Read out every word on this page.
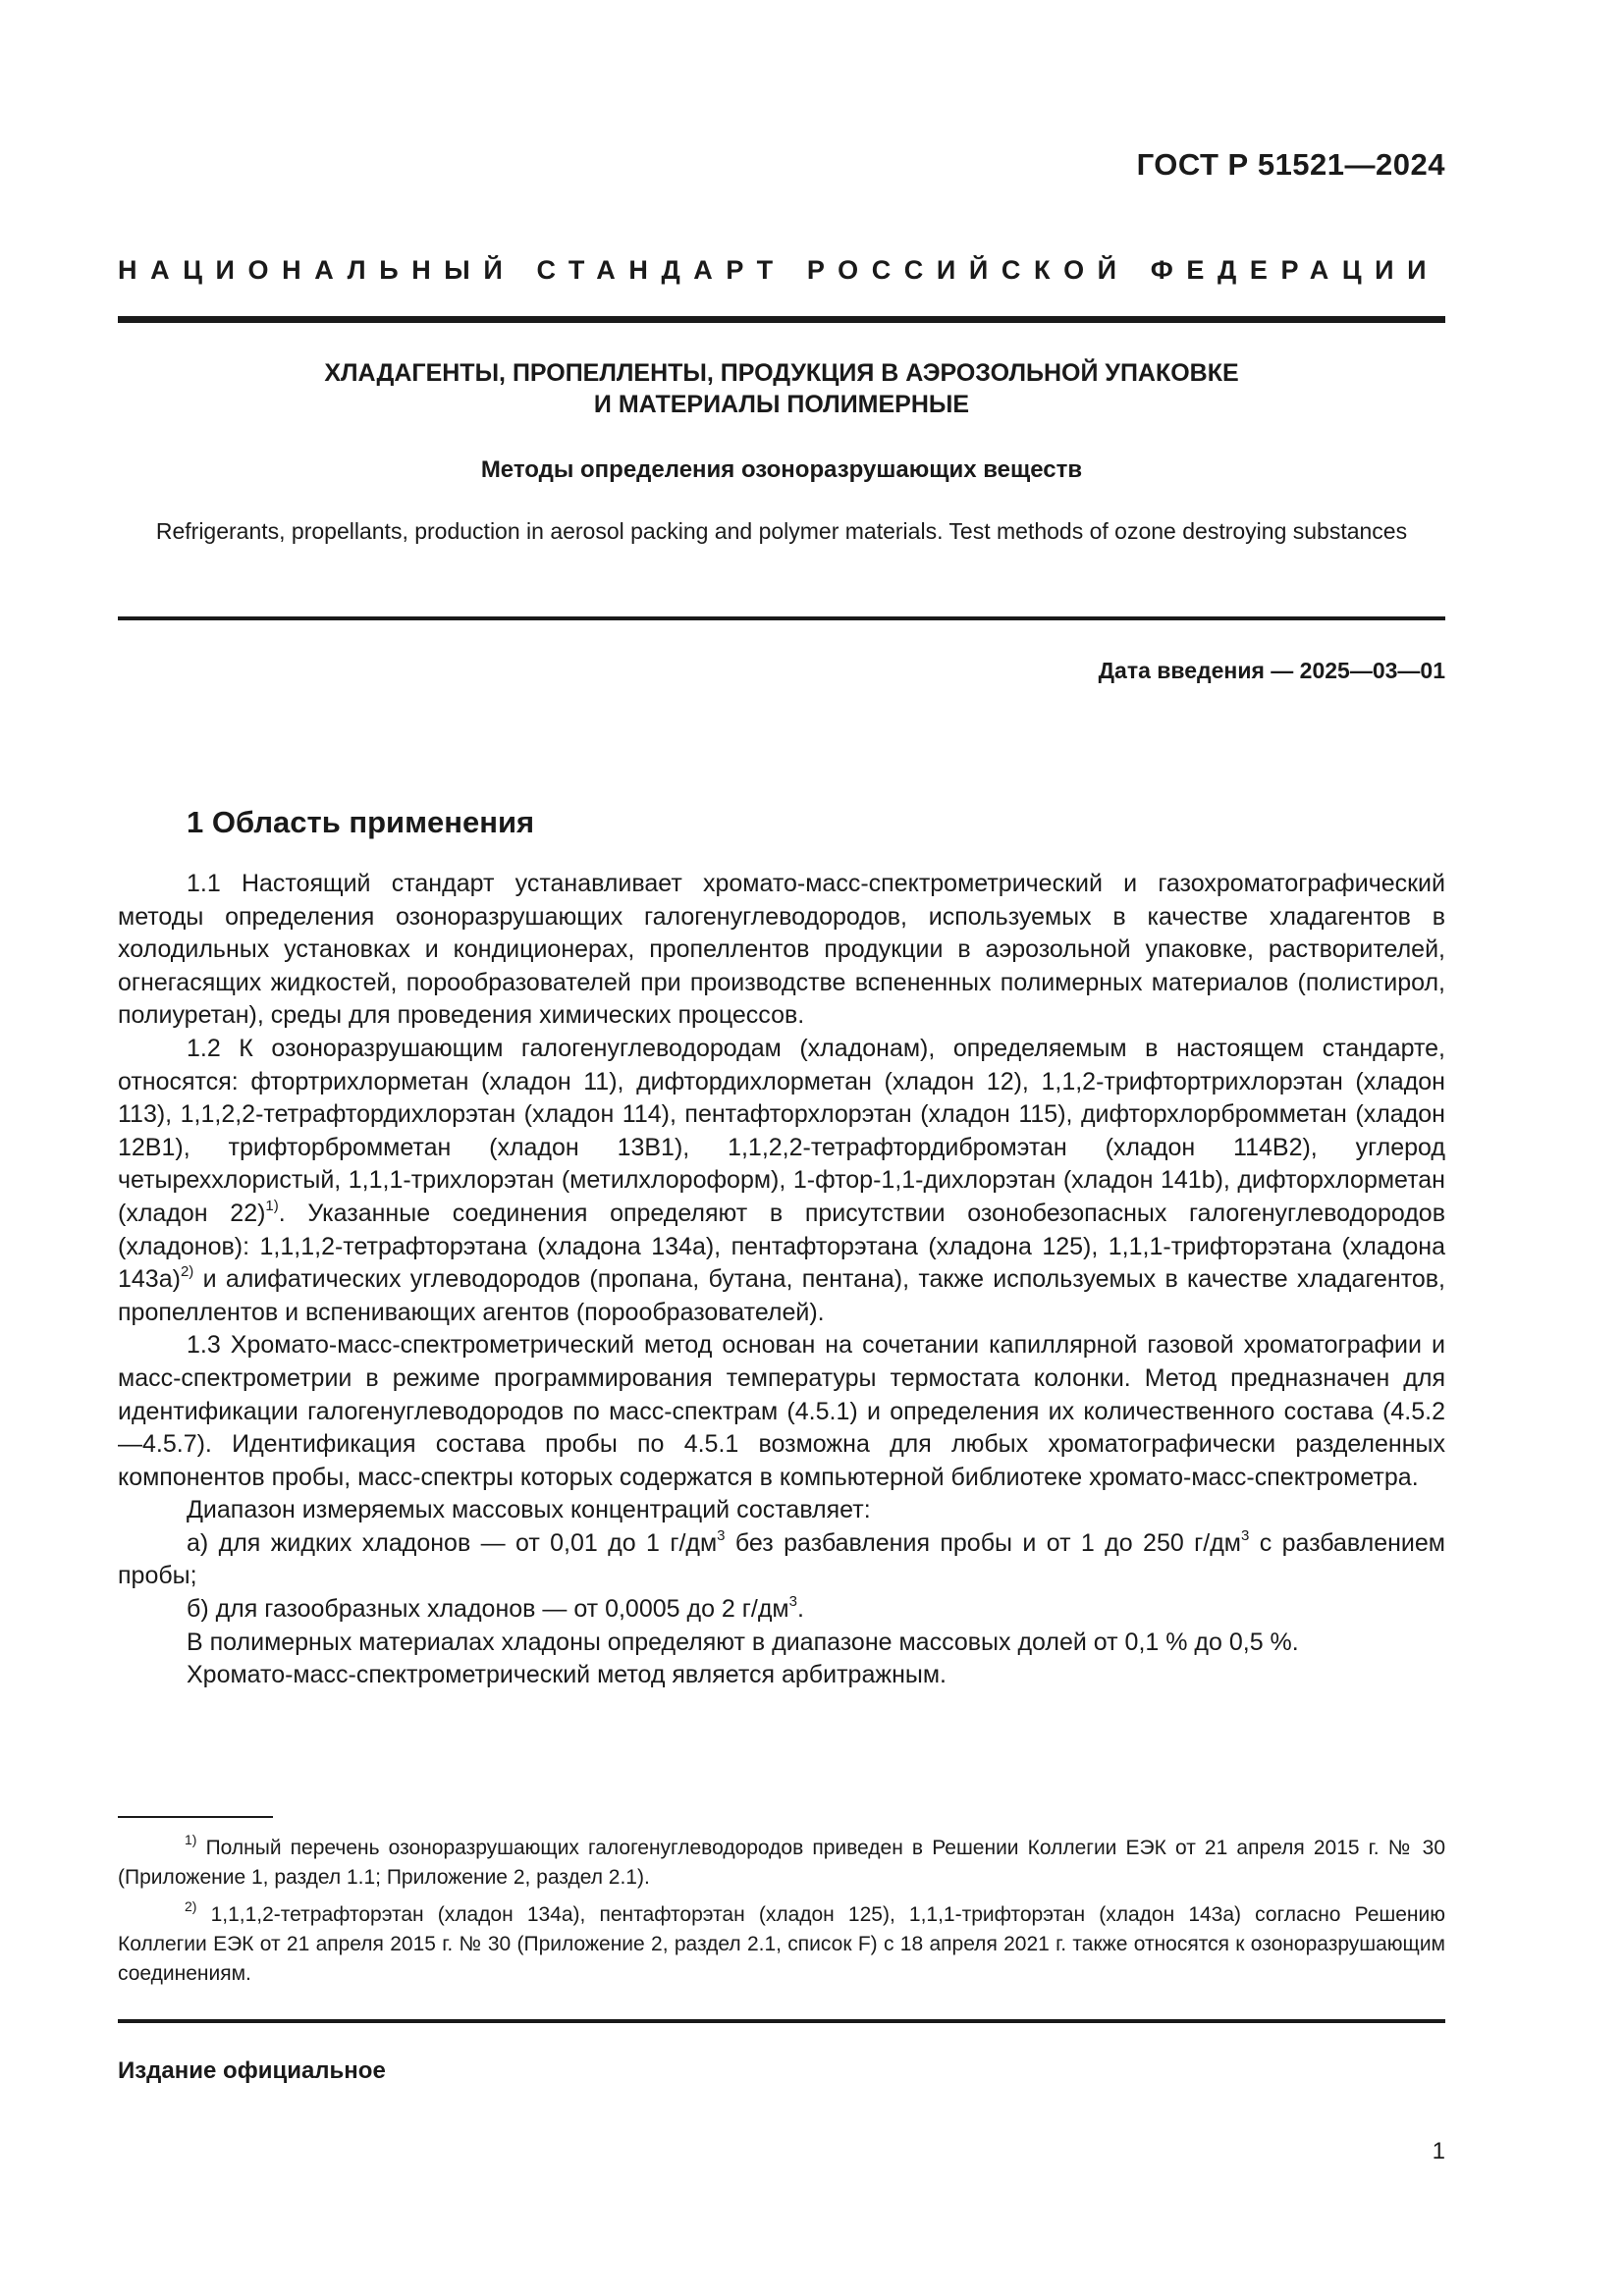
ГОСТ Р 51521—2024
НАЦИОНАЛЬНЫЙ СТАНДАРТ РОССИЙСКОЙ ФЕДЕРАЦИИ
ХЛАДАГЕНТЫ, ПРОПЕЛЛЕНТЫ, ПРОДУКЦИЯ В АЭРОЗОЛЬНОЙ УПАКОВКЕ
И МАТЕРИАЛЫ ПОЛИМЕРНЫЕ
Методы определения озоноразрушающих веществ
Refrigerants, propellants, production in aerosol packing and polymer materials. Test methods of ozone destroying substances
Дата введения — 2025—03—01
1 Область применения

1.1 Настоящий стандарт устанавливает хромато-масс-спектрометрический и газохроматографический методы определения озоноразрушающих галогенуглеводородов, используемых в качестве хладагентов в холодильных установках и кондиционерах, пропеллентов продукции в аэрозольной упаковке, растворителей, огнегасящих жидкостей, порообразователей при производстве вспененных полимерных материалов (полистирол, полиуретан), среды для проведения химических процессов.

1.2 К озоноразрушающим галогенуглеводородам (хладонам), определяемым в настоящем стандарте, относятся: фтортрихлорметан (хладон 11), дифтордихлорметан (хладон 12), 1,1,2-трифтортрихлорэтан (хладон 113), 1,1,2,2-тетрафтордихлорэтан (хладон 114), пентафторхлорэтан (хладон 115), дифторхлорбромметан (хладон 12B1), трифторбромметан (хладон 13B1), 1,1,2,2-тетрафтордибромэтан (хладон 114B2), углерод четыреххлористый, 1,1,1-трихлорэтан (метилхлороформ), 1-фтор-1,1-дихлорэтан (хладон 141b), дифторхлорметан (хладон 22)$^{1)}$. Указанные соединения определяют в присутствии озонобезопасных галогенуглеводородов (хладонов): 1,1,1,2-тетрафторэтана (хладона 134a), пентафторэтана (хладона 125), 1,1,1-трифторэтана (хладона 143a)$^{2)}$ и алифатических углеводородов (пропана, бутана, пентана), также используемых в качестве хладагентов, пропеллентов и вспенивающих агентов (порообразователей).

1.3 Хромато-масс-спектрометрический метод основан на сочетании капиллярной газовой хроматографии и масс-спектрометрии в режиме программирования температуры термостата колонки. Метод предназначен для идентификации галогенуглеводородов по масс-спектрам (4.5.1) и определения их количественного состава (4.5.2—4.5.7). Идентификация состава пробы по 4.5.1 возможна для любых хроматографически разделенных компонентов пробы, масс-спектры которых содержатся в компьютерной библиотеке хромато-масс-спектрометра.

Диапазон измеряемых массовых концентраций составляет:

а) для жидких хладонов — от 0,01 до 1 $г/дм^3$ без разбавления пробы и от 1 до 250 $г/дм^3$ с разбавлением пробы;

б) для газообразных хладонов — от 0,0005 до 2 $г/дм^3$.

В полимерных материалах хладоны определяют в диапазоне массовых долей от 0,1 % до 0,5 %.

Хромато-масс-спектрометрический метод является арбитражным.

$^{1)}$ Полный перечень озоноразрушающих галогенуглеводородов приведен в Решении Коллегии ЕЭК от 21 апреля 2015 г. № 30 (Приложение 1, раздел 1.1; Приложение 2, раздел 2.1).

$^{2)}$ 1,1,1,2-тетрафторэтан (хладон 134a), пентафторэтан (хладон 125), 1,1,1-трифторэтан (хладон 143a) согласно Решению Коллегии ЕЭК от 21 апреля 2015 г. № 30 (Приложение 2, раздел 2.1, список F) с 18 апреля 2021 г. также относятся к озоноразрушающим соединениям.

Издание официальное
1
